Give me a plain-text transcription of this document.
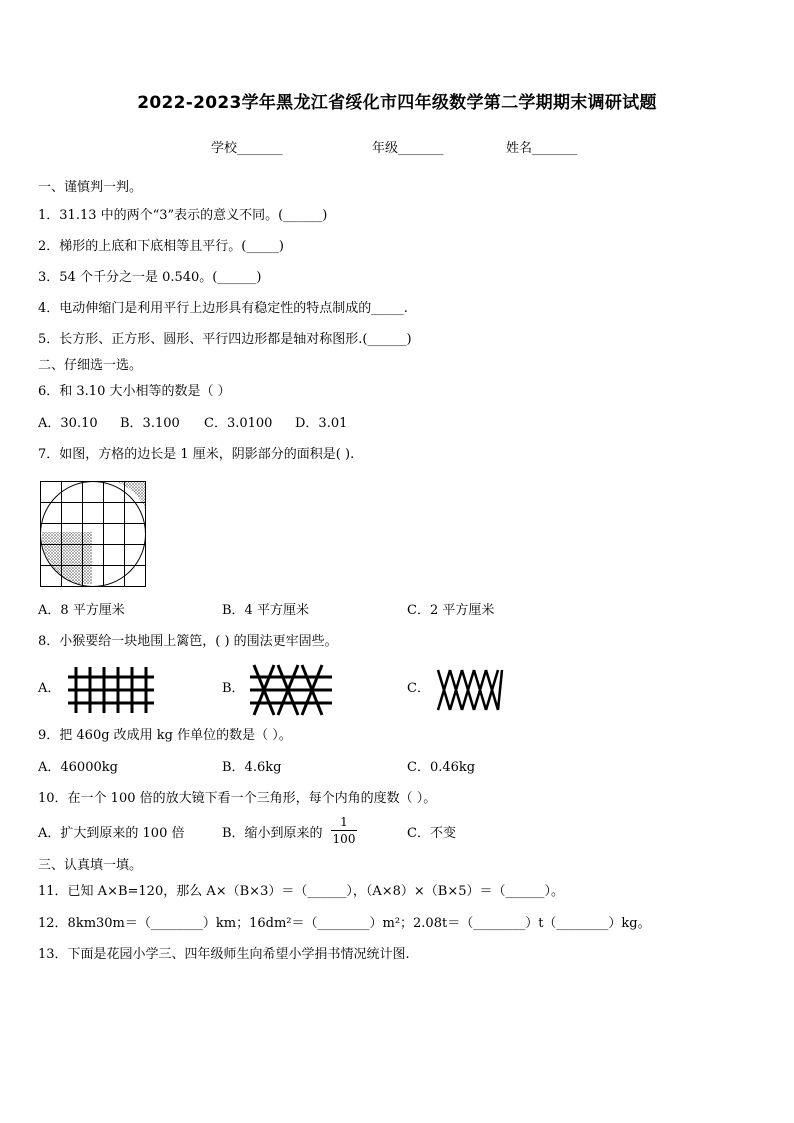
2022-2023学年黑龙江省绥化市四年级数学第二学期期末调研试题
学校_______	年级_______	姓名_______
一、谨慎判一判。
1．31.13 中的两个“3”表示的意义不同。(______)
2．梯形的上底和下底相等且平行。(_____)
3．54 个千分之一是 0.540。(______)
4．电动伸缩门是利用平行上边形具有稳定性的特点制成的_____.
5．长方形、正方形、圆形、平行四边形都是轴对称图形.(______)
二、仔细选一选。
6．和 3.10 大小相等的数是（ ）
A．30.10 B．3.100 C．3.0100 D．3.01
7．如图，方格的边长是 1 厘米，阴影部分的面积是( ).
A．8 平方厘米	B．4 平方厘米	C．2 平方厘米
8．小猴要给一块地围上篱笆，( ) 的围法更牢固些。
A．	B．	C．
9．把 460g 改成用 kg 作单位的数是（ ）。
A．46000kg	B．4.6kg	C．0.46kg
10．在一个 100 倍的放大镜下看一个三角形，每个内角的度数（ ）。
A．扩大到原来的 100 倍	B．缩小到原来的
1
100	C．不变
三、认真填一填。
11．已知 A×B=120，那么 A×（B×3）＝（______），（A×8）×（B×5）＝（______）。
12．8km30m＝（________）km；16dm²＝（________）m²；2.08t＝（________）t（________）kg。
13．下面是花园小学三、四年级师生向希望小学捐书情况统计图.
